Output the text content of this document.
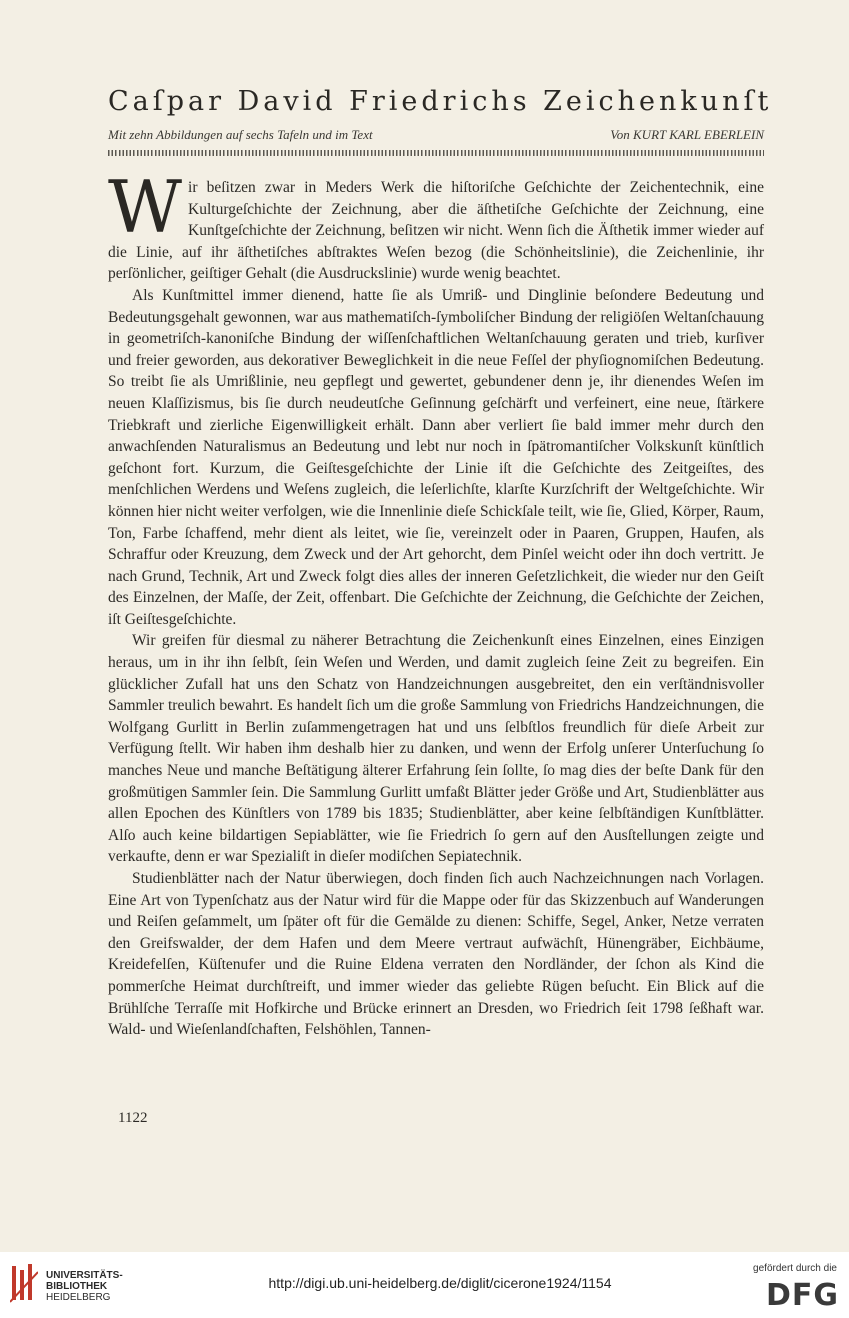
Caſpar David Friedrichs Zeichenkunſt
Mit zehn Abbildungen auf sechs Tafeln und im Text	Von KURT KARL EBERLEIN

Wir beſitzen zwar in Meders Werk die hiſtoriſche Geſchichte der Zeichentechnik, eine Kulturgeſchichte der Zeichnung, aber die äſthetiſche Geſchichte der Zeichnung, eine Kunſtgeſchichte der Zeichnung, beſitzen wir nicht. Wenn ſich die Äſthetik immer wieder auf die Linie, auf ihr äſthetiſches abſtraktes Weſen bezog (die Schönheitslinie), die Zeichenlinie, ihr perſönlicher, geiſtiger Gehalt (die Ausdruckslinie) wurde wenig beachtet.

Als Kunſtmittel immer dienend, hatte ſie als Umriß- und Dinglinie beſondere Bedeutung und Bedeutungsgehalt gewonnen, war aus mathematiſch-ſymboliſcher Bindung der religiöſen Weltanſchauung in geometriſch-kanoniſche Bindung der wiſſenſchaftlichen Weltanſchauung geraten und trieb, kurſiver und freier geworden, aus dekorativer Beweglichkeit in die neue Feſſel der phyſiognomiſchen Bedeutung. So treibt ſie als Umrißlinie, neu gepflegt und gewertet, gebundener denn je, ihr dienendes Weſen im neuen Klaſſizismus, bis ſie durch neudeutſche Geſinnung geſchärft und verfeinert, eine neue, ſtärkere Triebkraft und zierliche Eigenwilligkeit erhält. Dann aber verliert ſie bald immer mehr durch den anwachſenden Naturalismus an Bedeutung und lebt nur noch in ſpätromantiſcher Volkskunſt künſtlich geſchont fort. Kurzum, die Geiſtesgeſchichte der Linie iſt die Geſchichte des Zeitgeiſtes, des menſchlichen Werdens und Weſens zugleich, die leſerlichſte, klarſte Kurzſchrift der Weltgeſchichte. Wir können hier nicht weiter verfolgen, wie die Innenlinie dieſe Schickſale teilt, wie ſie, Glied, Körper, Raum, Ton, Farbe ſchaffend, mehr dient als leitet, wie ſie, vereinzelt oder in Paaren, Gruppen, Haufen, als Schraffur oder Kreuzung, dem Zweck und der Art gehorcht, dem Pinſel weicht oder ihn doch vertritt. Je nach Grund, Technik, Art und Zweck folgt dies alles der inneren Geſetzlichkeit, die wieder nur den Geiſt des Einzelnen, der Maſſe, der Zeit, offenbart. Die Geſchichte der Zeichnung, die Geſchichte der Zeichen, iſt Geiſtesgeſchichte.

Wir greifen für diesmal zu näherer Betrachtung die Zeichenkunſt eines Einzelnen, eines Einzigen heraus, um in ihr ihn ſelbſt, ſein Weſen und Werden, und damit zugleich ſeine Zeit zu begreifen. Ein glücklicher Zufall hat uns den Schatz von Handzeichnungen ausgebreitet, den ein verſtändnisvoller Sammler treulich bewahrt. Es handelt ſich um die große Sammlung von Friedrichs Handzeichnungen, die Wolfgang Gurlitt in Berlin zuſammengetragen hat und uns ſelbſtlos freundlich für dieſe Arbeit zur Verfügung ſtellt. Wir haben ihm deshalb hier zu danken, und wenn der Erfolg unſerer Unterſuchung ſo manches Neue und manche Beſtätigung älterer Erfahrung ſein ſollte, ſo mag dies der beſte Dank für den großmütigen Sammler ſein. Die Sammlung Gurlitt umfaßt Blätter jeder Größe und Art, Studienblätter aus allen Epochen des Künſtlers von 1789 bis 1835; Studienblätter, aber keine ſelbſtändigen Kunſtblätter. Alſo auch keine bildartigen Sepiablätter, wie ſie Friedrich ſo gern auf den Ausſtellungen zeigte und verkaufte, denn er war Spezialiſt in dieſer modiſchen Sepiatechnik.

Studienblätter nach der Natur überwiegen, doch finden ſich auch Nachzeichnungen nach Vorlagen. Eine Art von Typenſchatz aus der Natur wird für die Mappe oder für das Skizzenbuch auf Wanderungen und Reiſen geſammelt, um ſpäter oft für die Gemälde zu dienen: Schiffe, Segel, Anker, Netze verraten den Greifswalder, der dem Hafen und dem Meere vertraut aufwächſt, Hünengräber, Eichbäume, Kreidefelſen, Küſtenufer und die Ruine Eldena verraten den Nordländer, der ſchon als Kind die pommerſche Heimat durchſtreift, und immer wieder das geliebte Rügen beſucht. Ein Blick auf die Brühlſche Terraſſe mit Hofkirche und Brücke erinnert an Dresden, wo Friedrich ſeit 1798 ſeßhaft war. Wald- und Wieſenlandſchaften, Felshöhlen, Tannen-

1122
UNIVERSITÄTS-
BIBLIOTHEK
HEIDELBERG
http://digi.ub.uni-heidelberg.de/diglit/cicerone1924/1154
gefördert durch die
DFG
